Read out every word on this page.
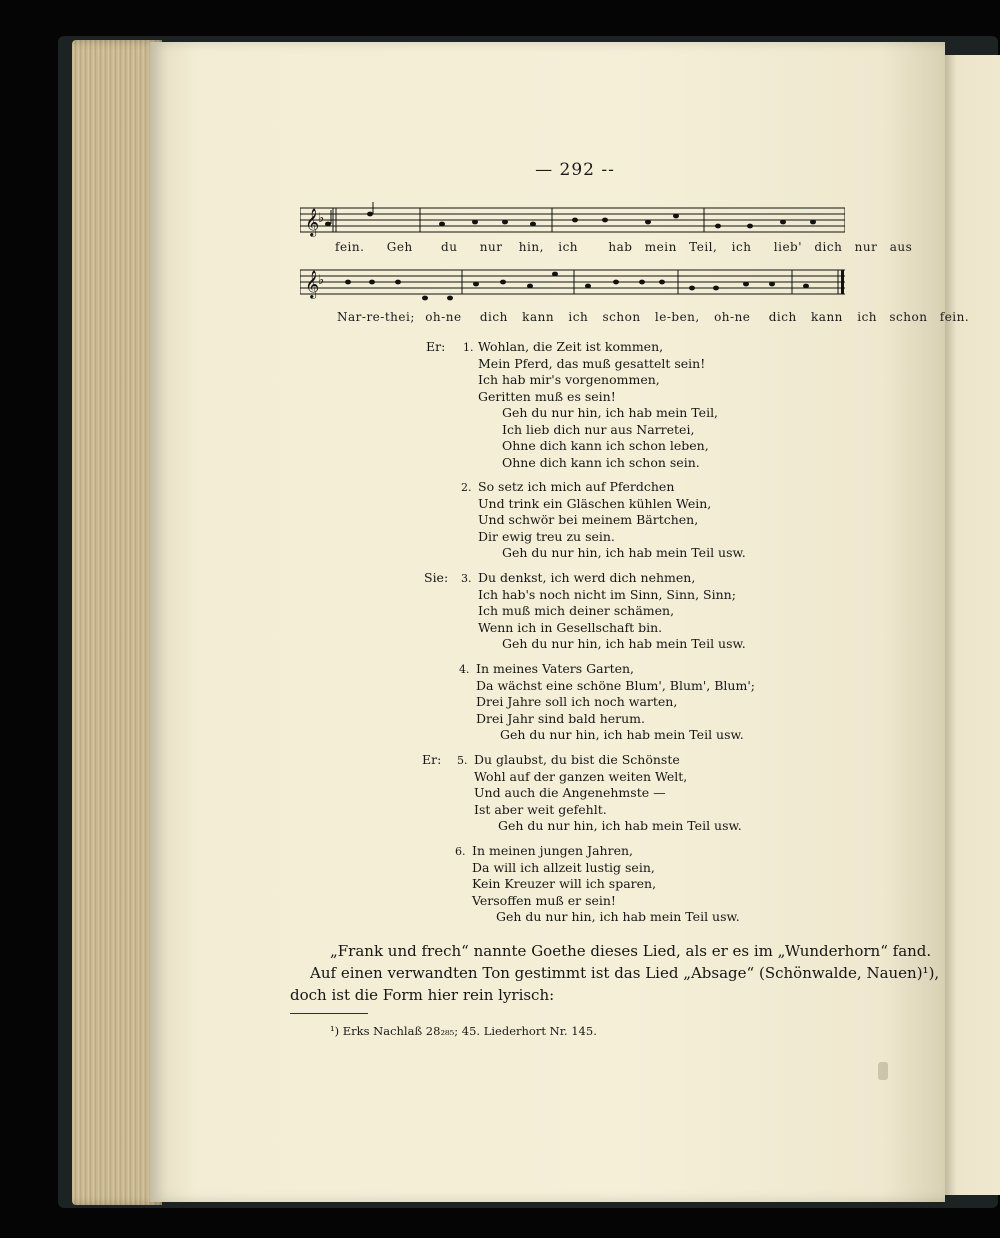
— 292 --
𝄞
♭
fein. Geh du nur hin, ich	hab mein Teil, ich lieb' dich nur aus
𝄞
♭
Nar-re-thei; oh-ne dich kann ich schon le-ben, oh-ne dich kann ich schon fein.
Er: 1. Wohlan, die Zeit ist kommen,
Mein Pferd, das muß gesattelt sein!
Ich hab mir's vorgenommen,
Geritten muß es sein!
Geh du nur hin, ich hab mein Teil,
Ich lieb dich nur aus Narretei,
Ohne dich kann ich schon leben,
Ohne dich kann ich schon sein.
2. So setz ich mich auf Pferdchen
Und trink ein Gläschen kühlen Wein,
Und schwör bei meinem Bärtchen,
Dir ewig treu zu sein.
Geh du nur hin, ich hab mein Teil usw.
Sie: 3. Du denkst, ich werd dich nehmen,
Ich hab's noch nicht im Sinn, Sinn, Sinn;
Ich muß mich deiner schämen,
Wenn ich in Gesellschaft bin.
Geh du nur hin, ich hab mein Teil usw.
4. In meines Vaters Garten,
Da wächst eine schöne Blum', Blum', Blum';
Drei Jahre soll ich noch warten,
Drei Jahr sind bald herum.
Geh du nur hin, ich hab mein Teil usw.
Er: 5. Du glaubst, du bist die Schönste
Wohl auf der ganzen weiten Welt,
Und auch die Angenehmste —
Ist aber weit gefehlt.
Geh du nur hin, ich hab mein Teil usw.
6. In meinen jungen Jahren,
Da will ich allzeit lustig sein,
Kein Kreuzer will ich sparen,
Versoffen muß er sein!
Geh du nur hin, ich hab mein Teil usw.
„Frank und frech“ nannte Goethe dieses Lied, als er es im „Wunderhorn“ fand.
Auf einen verwandten Ton gestimmt ist das Lied „Absage“ (Schönwalde, Nauen)¹),
doch ist die Form hier rein lyrisch:
¹) Erks Nachlaß 28₂₈₅; 45. Liederhort Nr. 145.
